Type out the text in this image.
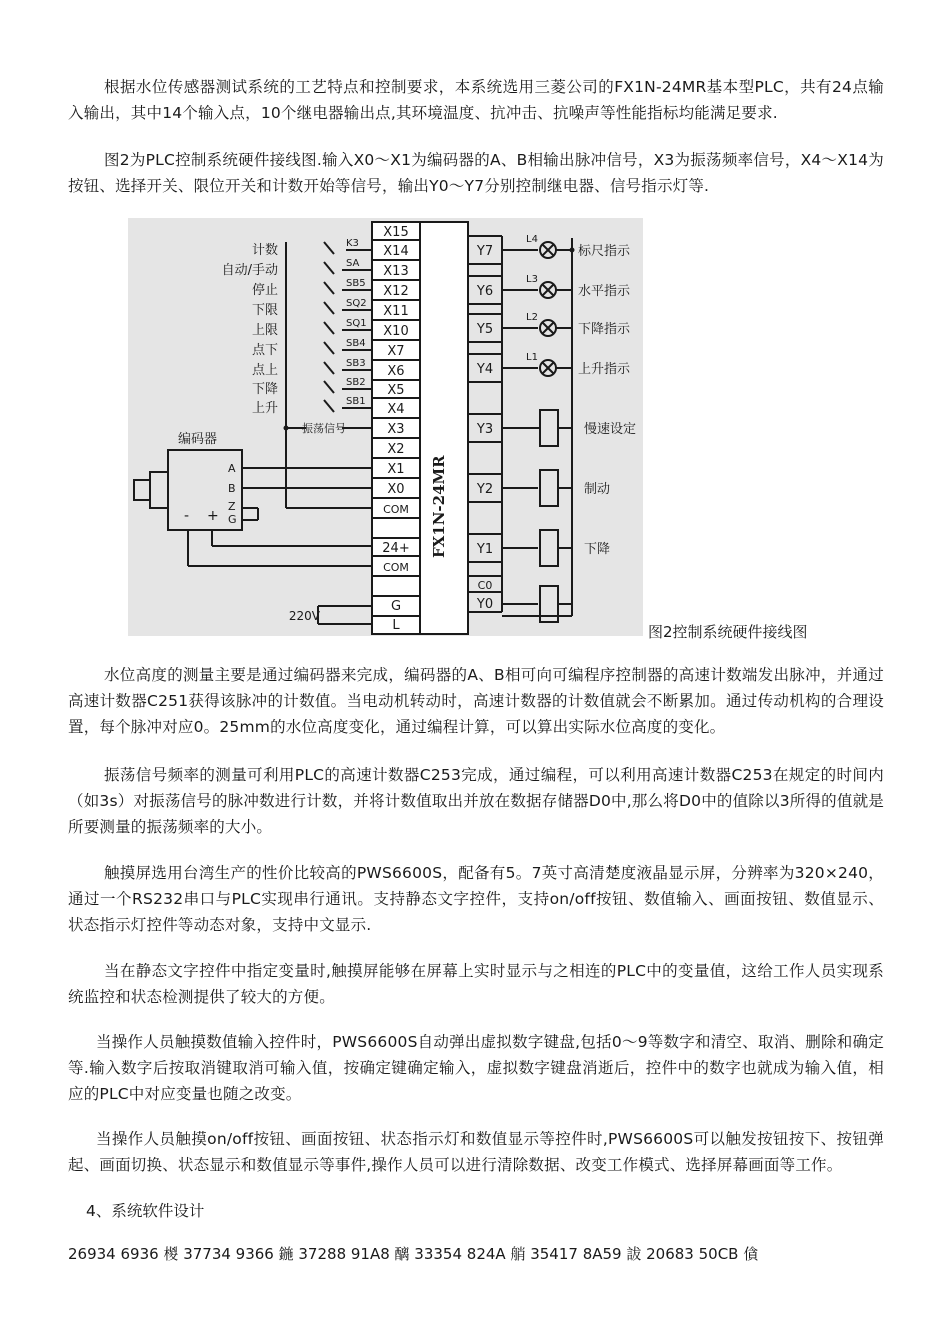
根据水位传感器测试系统的工艺特点和控制要求，本系统选用三菱公司的FX1N-24MR基本型PLC，共有24点输入输出，其中14个输入点，10个继电器输出点,其环境温度、抗冲击、抗噪声等性能指标均能满足要求.

图2为PLC控制系统硬件接线图.输入X0～X1为编码器的A、B相输出脉冲信号，X3为振荡频率信号，X4～X14为按钮、选择开关、限位开关和计数开始等信号，输出Y0～Y7分别控制继电器、信号指示灯等.

X15
X14
X13
X12
X11
X10
X7
X6
X5
X4
X3
X2
X1
X0
COM
24+
COM
G
L
FX1N-24MR
Y7
Y6
Y5
Y4
Y3
Y2
Y1
C0
Y0
计数
自动/手动
停止
下限
上限
点下
点上
下降
上升
K3
SA
SB5
SQ2
SQ1
SB4
SB3
SB2
SB1
振荡信号
编码器
A
B
Z
G
- +
220V
L4
L3
L2
L1
标尺指示
水平指示
下降指示
上升指示
慢速设定
制动
下降
图2控制系统硬件接线图

水位高度的测量主要是通过编码器来完成，编码器的A、B相可向可编程序控制器的高速计数端发出脉冲，并通过高速计数器C251获得该脉冲的计数值。当电动机转动时，高速计数器的计数值就会不断累加。通过传动机构的合理设置，每个脉冲对应0。25mm的水位高度变化，通过编程计算，可以算出实际水位高度的变化。

振荡信号频率的测量可利用PLC的高速计数器C253完成，通过编程，可以利用高速计数器C253在规定的时间内（如3s）对振荡信号的脉冲数进行计数，并将计数值取出并放在数据存储器D0中,那么将D0中的值除以3所得的值就是所要测量的振荡频率的大小。

触摸屏选用台湾生产的性价比较高的PWS6600S，配备有5。7英寸高清楚度液晶显示屏，分辨率为320×240，通过一个RS232串口与PLC实现串行通讯。支持静态文字控件，支持on/off按钮、数值输入、画面按钮、数值显示、状态指示灯控件等动态对象，支持中文显示.

当在静态文字控件中指定变量时,触摸屏能够在屏幕上实时显示与之相连的PLC中的变量值，这给工作人员实现系统监控和状态检测提供了较大的方便。

当操作人员触摸数值输入控件时，PWS6600S自动弹出虚拟数字键盘,包括0～9等数字和清空、取消、删除和确定等.输入数字后按取消键取消可输入值，按确定键确定输入，虚拟数字键盘消逝后，控件中的数字也就成为输入值，相应的PLC中对应变量也随之改变。

当操作人员触摸on/off按钮、画面按钮、状态指示灯和数值显示等控件时,PWS6600S可以触发按钮按下、按钮弹起、画面切换、状态显示和数值显示等事件,操作人员可以进行清除数据、改变工作模式、选择屏幕画面等工作。

4、系统软件设计
26934 6936 椶 37734 9366 鍦 37288 91A8 醨 33354 824A 艄 35417 8A59 詙 20683 50CB 僋
